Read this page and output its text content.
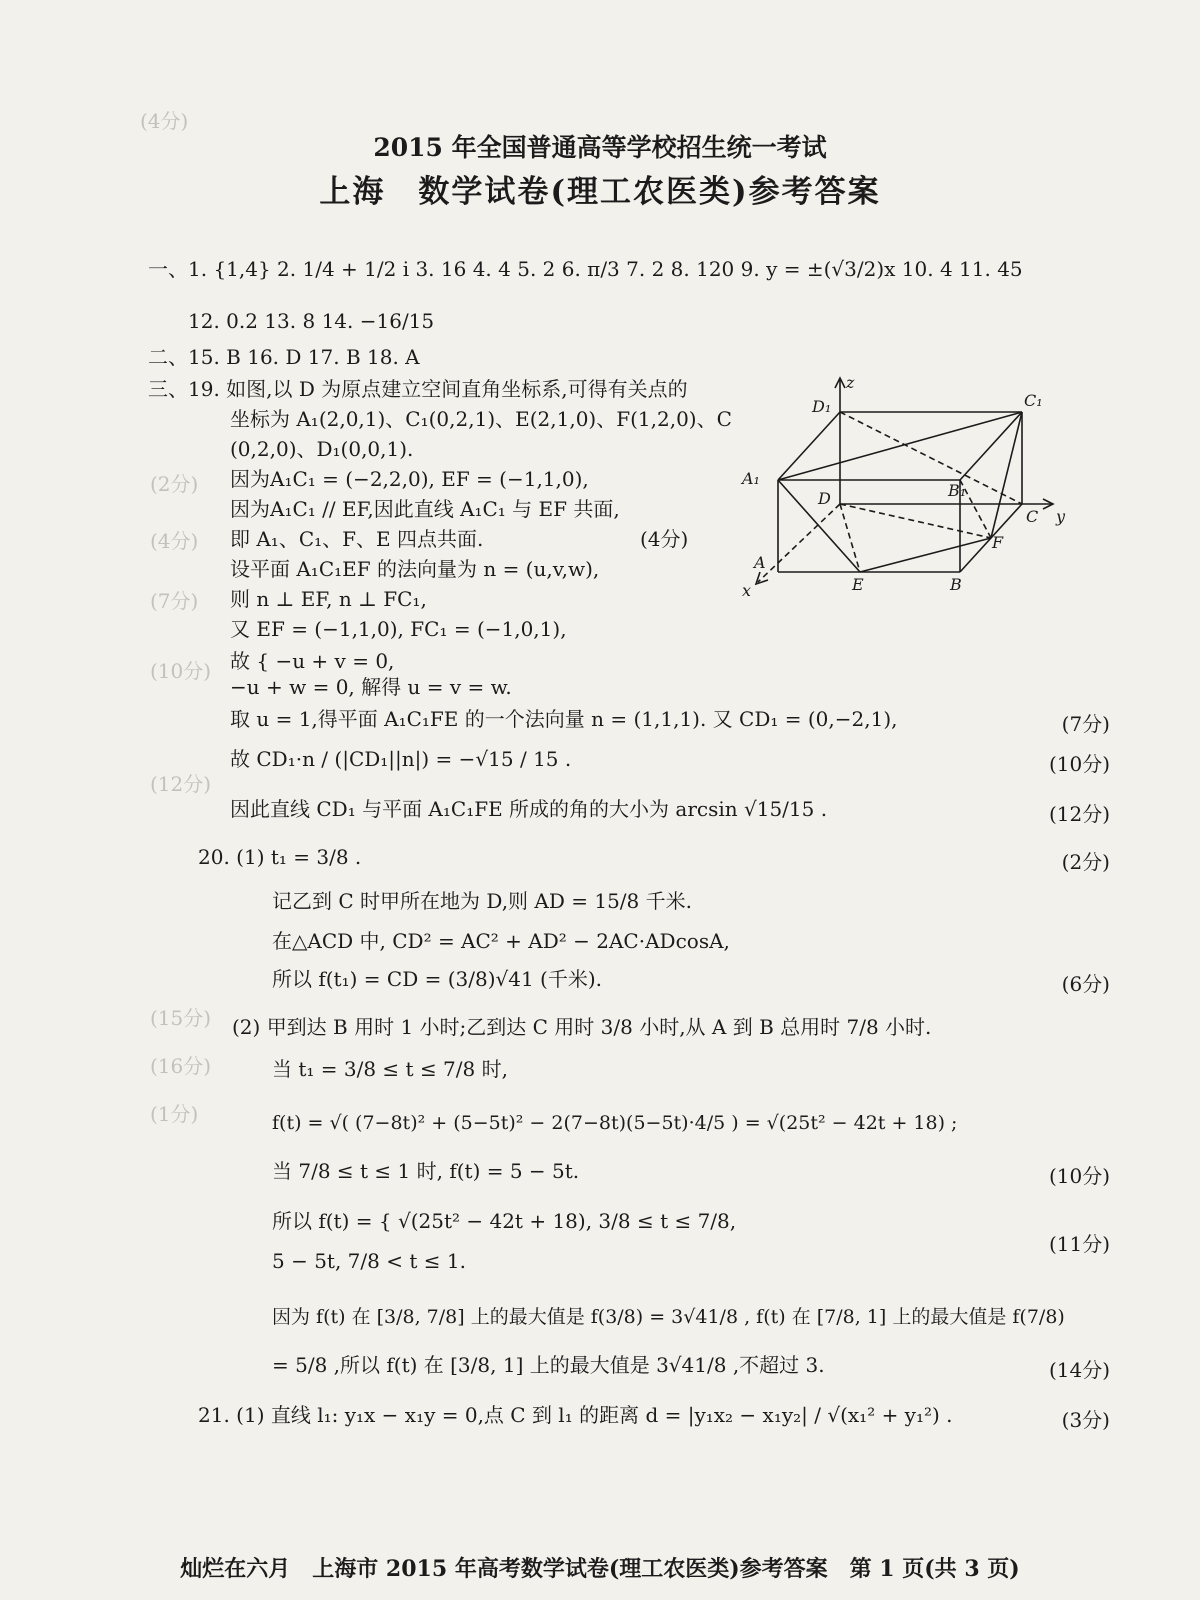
(4分)
(2分)
(4分)
(7分)
(10分)
(12分)
(15分)
(16分)
(1分)
2015 年全国普通高等学校招生统一考试
上海　数学试卷(理工农医类)参考答案
一、1. {1,4} 2. 1/4 + 1/2 i 3. 16 4. 4 5. 2 6. π/3 7. 2 8. 120 9. y = ±(√3/2)x 10. 4 11. 45
12. 0.2 13. 8 14. −16/15
二、15. B 16. D 17. B 18. A
三、19. 如图,以 D 为原点建立空间直角坐标系,可得有关点的
坐标为 A₁(2,0,1)、C₁(0,2,1)、E(2,1,0)、F(1,2,0)、C
(0,2,0)、D₁(0,0,1).
因为A₁C₁ = (−2,2,0), EF = (−1,1,0),
因为A₁C₁ // EF,因此直线 A₁C₁ 与 EF 共面,
即 A₁、C₁、F、E 四点共面.	(4分)
设平面 A₁C₁EF 的法向量为 n = (u,v,w),
则 n ⊥ EF, n ⊥ FC₁,
又 EF = (−1,1,0), FC₁ = (−1,0,1),
故 { −u + v = 0,
−u + w = 0, 解得 u = v = w.
取 u = 1,得平面 A₁C₁FE 的一个法向量 n = (1,1,1). 又 CD₁ = (0,−2,1),	(7分)
故 CD₁·n / (|CD₁||n|) = −√15 / 15 .	(10分)
因此直线 CD₁ 与平面 A₁C₁FE 所成的角的大小为 arcsin √15/15 .	(12分)
20. (1) t₁ = 3/8 .	(2分)
记乙到 C 时甲所在地为 D,则 AD = 15/8 千米.
在△ACD 中, CD² = AC² + AD² − 2AC·ADcosA,
所以 f(t₁) = CD = (3/8)√41 (千米).	(6分)
(2) 甲到达 B 用时 1 小时;乙到达 C 用时 3/8 小时,从 A 到 B 总用时 7/8 小时.
当 t₁ = 3/8 ≤ t ≤ 7/8 时,
f(t) = √( (7−8t)² + (5−5t)² − 2(7−8t)(5−5t)·4/5 ) = √(25t² − 42t + 18) ;
当 7/8 ≤ t ≤ 1 时, f(t) = 5 − 5t.	(10分)
所以 f(t) = { √(25t² − 42t + 18), 3/8 ≤ t ≤ 7/8,
5 − 5t, 7/8 < t ≤ 1.
(11分)
因为 f(t) 在 [3/8, 7/8] 上的最大值是 f(3/8) = 3√41/8 , f(t) 在 [7/8, 1] 上的最大值是 f(7/8)
= 5/8 ,所以 f(t) 在 [3/8, 1] 上的最大值是 3√41/8 ,不超过 3.	(14分)
21. (1) 直线 l₁: y₁x − x₁y = 0,点 C 到 l₁ 的距离 d = |y₁x₂ − x₁y₂| / √(x₁² + y₁²) .	(3分)
灿烂在六月　上海市 2015 年高考数学试卷(理工农医类)参考答案　第 1 页(共 3 页)
z
y
x
D₁	C₁
A₁
B₁
D
C
F
A
E	B
